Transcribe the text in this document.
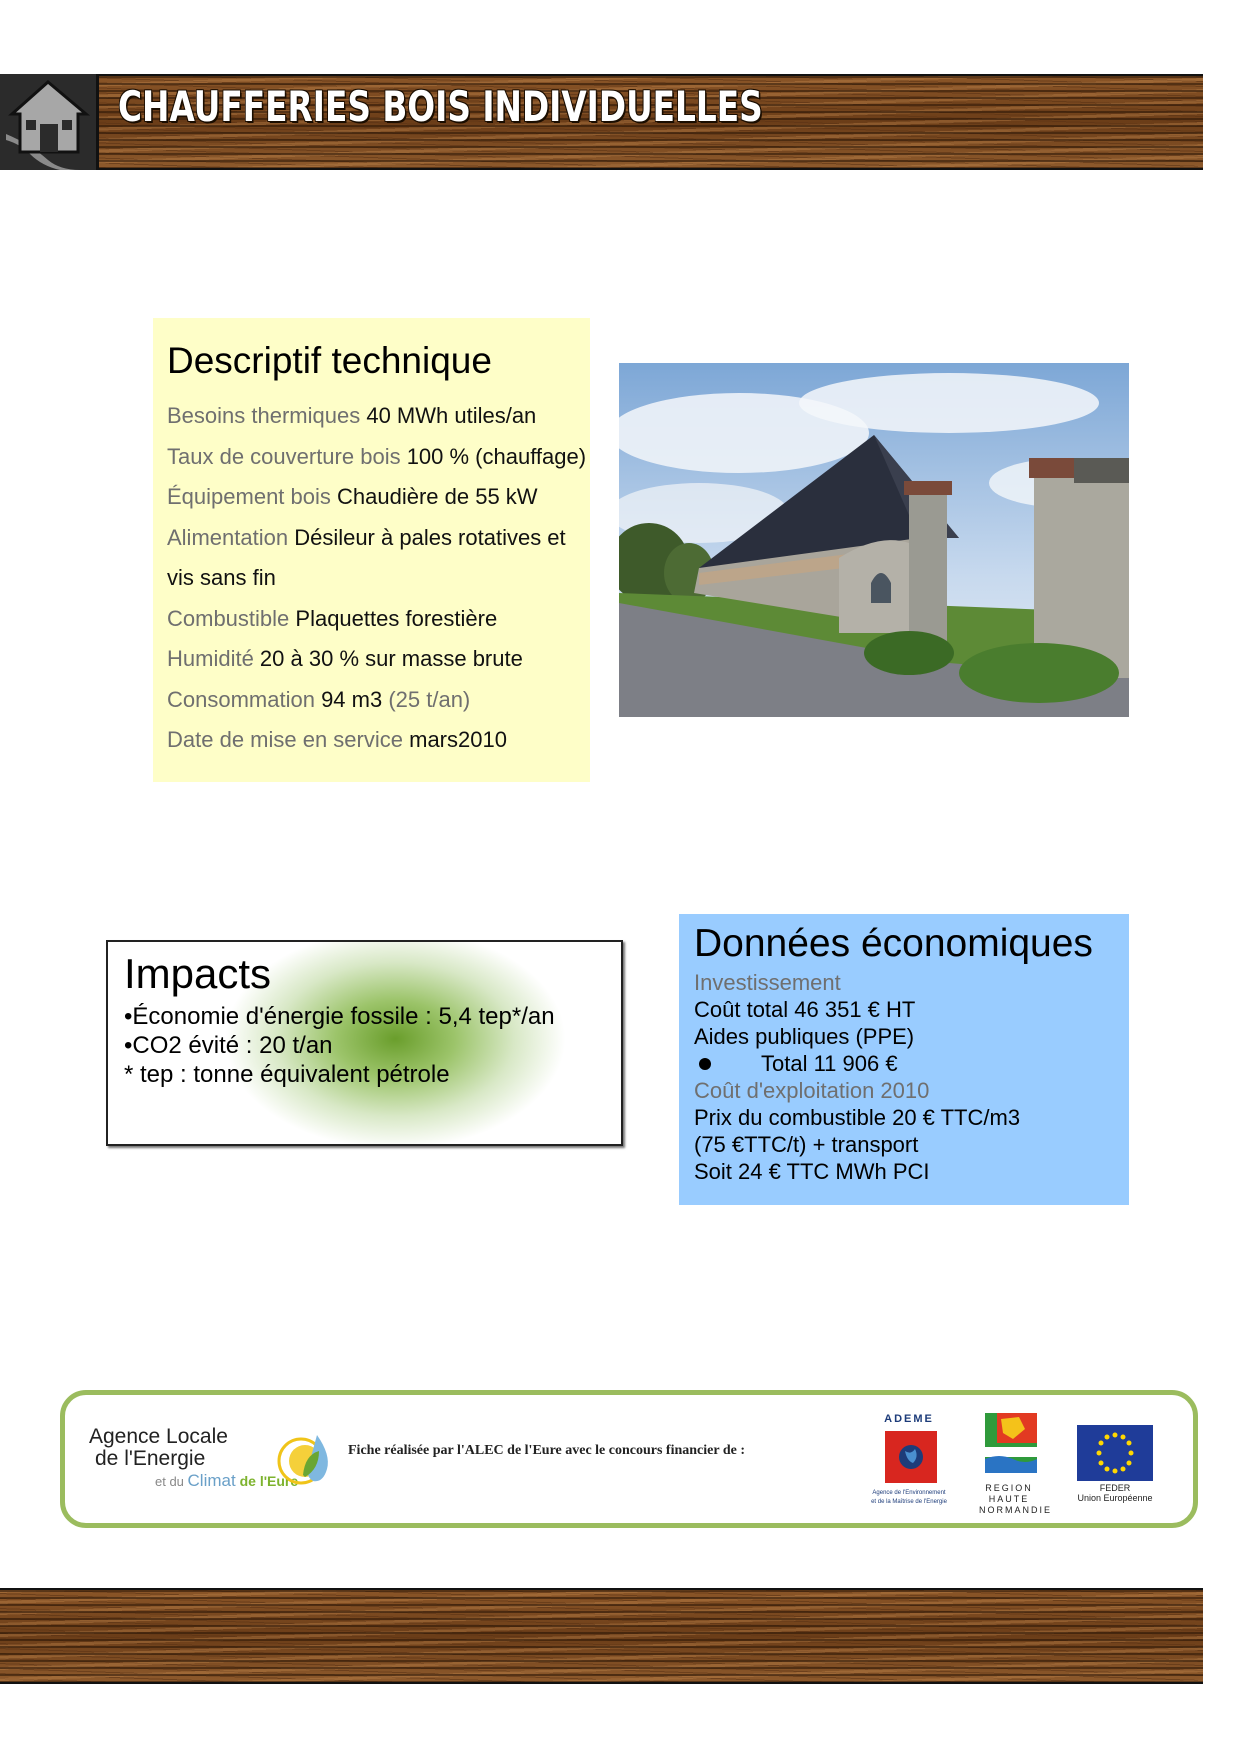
CHAUFFERIES BOIS INDIVIDUELLES
Descriptif technique
Besoins thermiques 40 MWh utiles/an
Taux de couverture bois 100 % (chauffage)
Équipement bois Chaudière de 55 kW
Alimentation Désileur à pales rotatives et vis sans fin
Combustible Plaquettes forestière
Humidité 20 à 30 % sur masse brute
Consommation 94 m3 (25 t/an)
Date de mise en service mars2010
Impacts
•Économie d'énergie fossile : 5,4 tep*/an
•CO2 évité : 20 t/an
* tep : tonne équivalent pétrole
Données économiques
Investissement
Coût total 46 351 € HT
Aides publiques (PPE)
Total 11 906 €
Coût d'exploitation 2010
Prix du combustible 20 € TTC/m3
(75 €TTC/t) + transport
Soit 24 € TTC MWh PCI
Agence Locale
de l'Energie
et du Climat de l'Eure
Fiche réalisée par l'ALEC de l'Eure avec le concours financier de :
ADEME
Agence de l'Environnement
et de la Maîtrise de l'Energie
REGION
HAUTE
NORMANDIE
FEDER
Union Européenne
